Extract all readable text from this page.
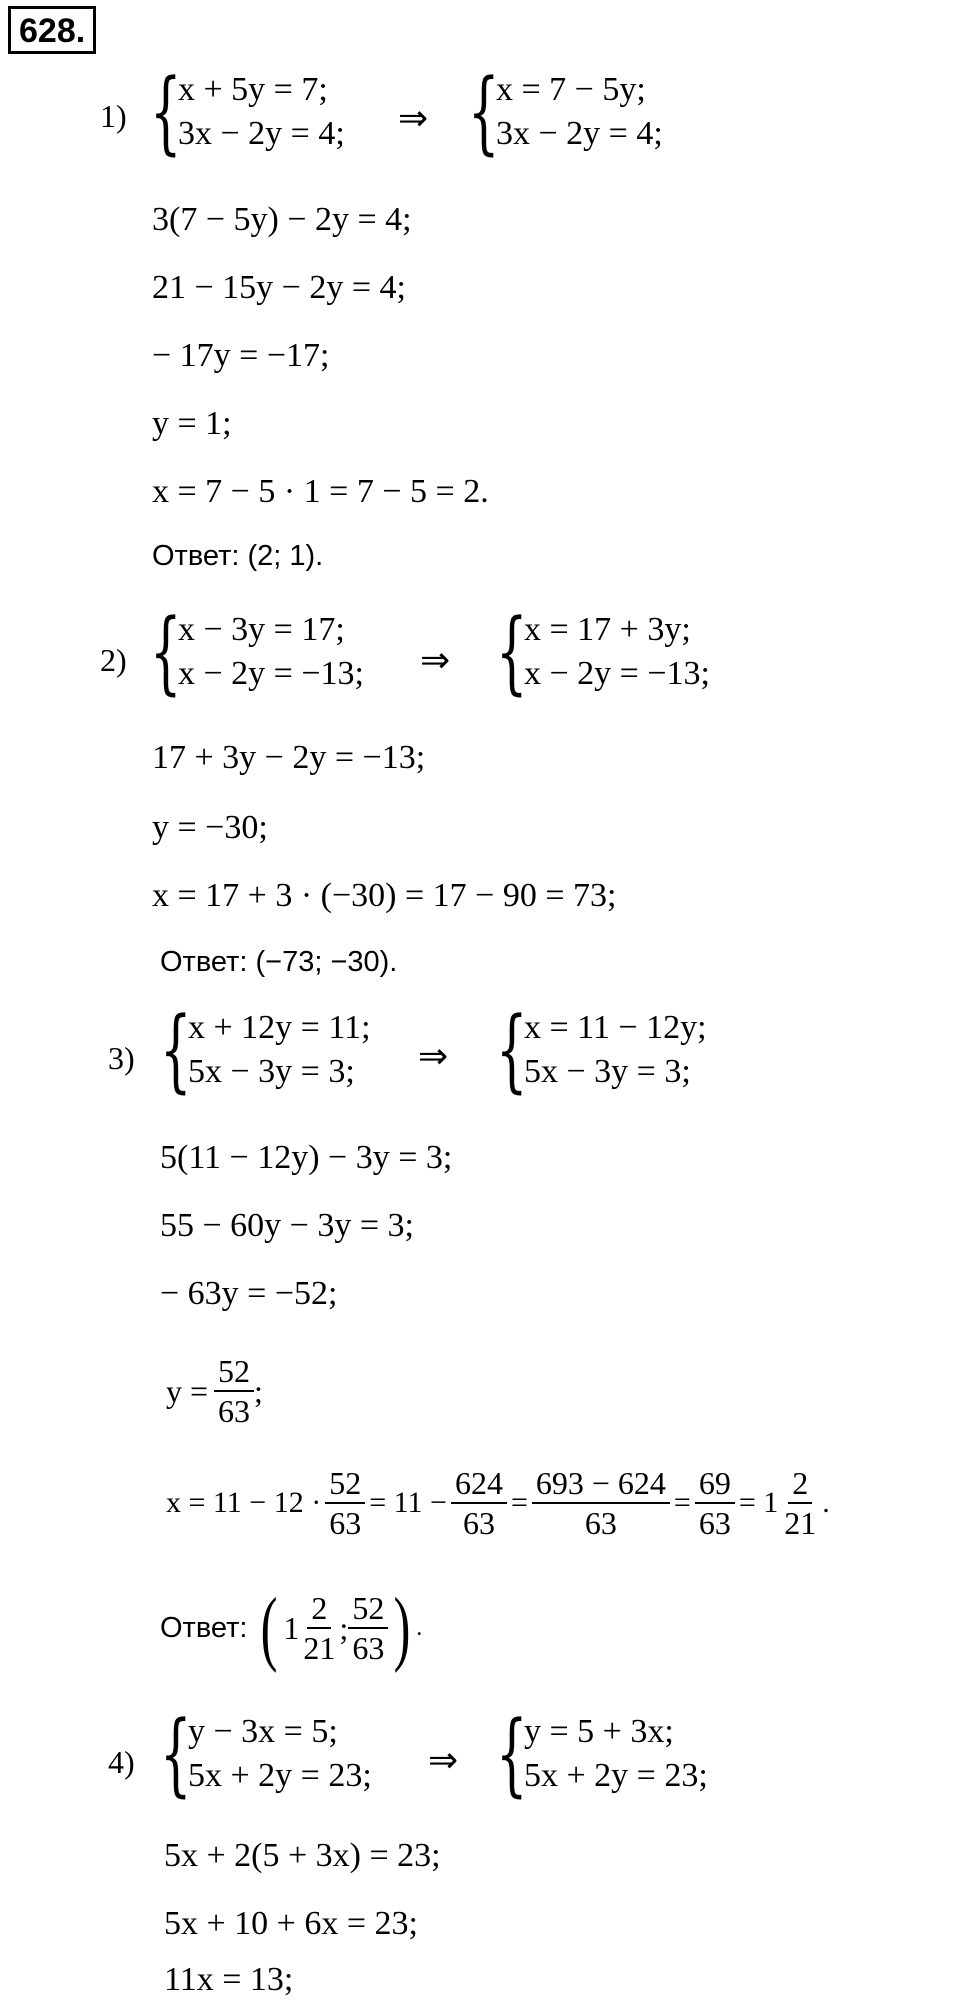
628.
1) {
x + 5y = 7;
3x − 2y = 4; ⇒ {
x = 7 − 5y;
3x − 2y = 4;
3(7 − 5y) − 2y = 4;
21 − 15y − 2y = 4;
− 17y = −17;
y = 1;
x = 7 − 5 · 1 = 7 − 5 = 2.
Ответ: (2; 1).
2) {
x − 3y = 17;
x − 2y = −13; ⇒ {
x = 17 + 3y;
x − 2y = −13;
17 + 3y − 2y = −13;
y = −30;
x = 17 + 3 · (−30) = 17 − 90 = 73;
Ответ: (−73; −30).
3) {
x + 12y = 11;
5x − 3y = 3;	⇒ {
x = 11 − 12y;
5x − 3y = 3;
5(11 − 12y) − 3y = 3;
55 − 60y − 3y = 3;
− 63y = −52;
$y = \frac{52}{63}$ ;
$x = 11 - 12 \cdot \frac{52}{63} = 11 - \frac{624}{63} = \frac{693 - 624}{63} = \frac{69}{63} = 1 \frac{2}{21}$ .
Ответ: ( $1 \frac{2}{21}$ ; $\frac{52}{63}$ ) .
4) {
y − 3x = 5;
5x + 2y = 23; ⇒ {
y = 5 + 3x;
5x + 2y = 23;
5x + 2(5 + 3x) = 23;
5x + 10 + 6x = 23;
11x = 13;
